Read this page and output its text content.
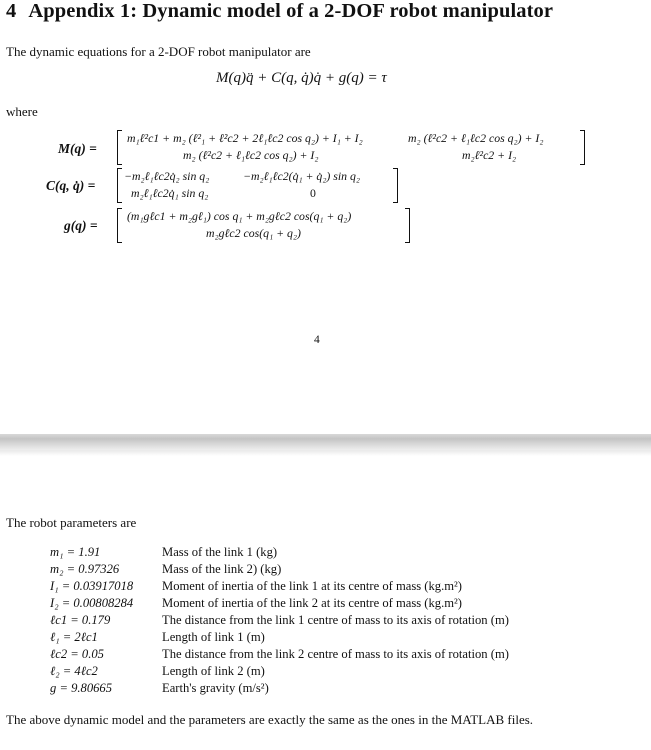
4 Appendix 1: Dynamic model of a 2-DOF robot manipulator
The dynamic equations for a 2-DOF robot manipulator are
M(q)q̈ + C(q, q̇)q̇ + g(q) = τ
where
M(q) =
m₁ℓ²c1 + m₂ (ℓ²₁ + ℓ²c2 + 2ℓ₁ℓc2 cos q₂) + I₁ + I₂	m₂ (ℓ²c2 + ℓ₁ℓc2 cos q₂) + I₂
m₂ (ℓ²c2 + ℓ₁ℓc2 cos q₂) + I₂	m₂ℓ²c2 + I₂
C(q, q̇) =
−m₂ℓ₁ℓc2q̇₂ sin q₂	−m₂ℓ₁ℓc2(q̇₁ + q̇₂) sin q₂
m₂ℓ₁ℓc2q̇₁ sin q₂	0
g(q) =
(m₁gℓc1 + m₂gℓ₁) cos q₁ + m₂gℓc2 cos(q₁ + q₂)
m₂gℓc2 cos(q₁ + q₂)
4
The robot parameters are
m₁ = 1.91	Mass of the link 1 (kg)
m₂ = 0.97326	Mass of the link 2) (kg)
I₁ = 0.03917018 Moment of inertia of the link 1 at its centre of mass (kg.m²)
I₂ = 0.00808284 Moment of inertia of the link 2 at its centre of mass (kg.m²)
ℓc1 = 0.179	The distance from the link 1 centre of mass to its axis of rotation (m)
ℓ₁ = 2ℓc1	Length of link 1 (m)
ℓc2 = 0.05	The distance from the link 2 centre of mass to its axis of rotation (m)
ℓ₂ = 4ℓc2	Length of link 2 (m)
g = 9.80665	Earth's gravity (m/s²)
The above dynamic model and the parameters are exactly the same as the ones in the MATLAB files.
